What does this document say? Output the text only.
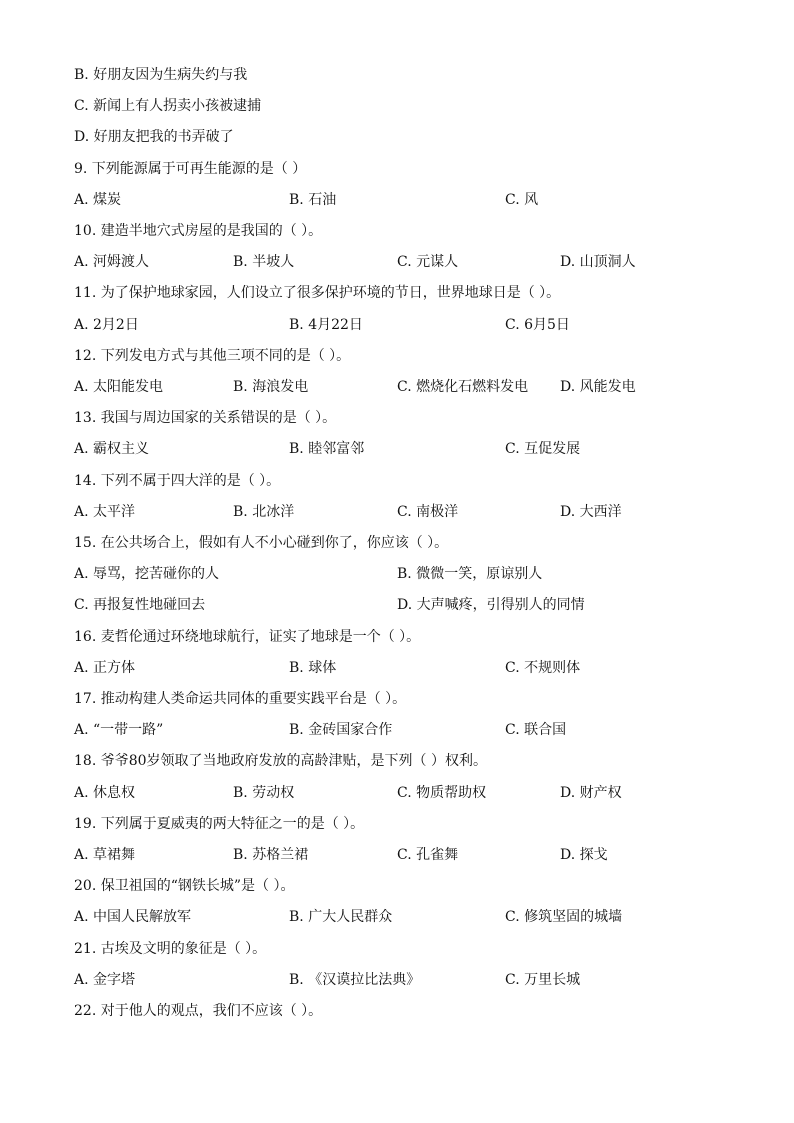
B. 好朋友因为生病失约与我
C. 新闻上有人拐卖小孩被逮捕
D. 好朋友把我的书弄破了
9. 下列能源属于可再生能源的是（ ）
A. 煤炭	B. 石油	C. 风
10. 建造半地穴式房屋的是我国的（ ）。
A. 河姆渡人	B. 半坡人	C. 元谋人	D. 山顶洞人
11. 为了保护地球家园，人们设立了很多保护环境的节日，世界地球日是（ ）。
A. 2月2日	B. 4月22日	C. 6月5日
12. 下列发电方式与其他三项不同的是（ ）。
A. 太阳能发电	B. 海浪发电	C. 燃烧化石燃料发电 D. 风能发电
13. 我国与周边国家的关系错误的是（ ）。
A. 霸权主义	B. 睦邻富邻	C. 互促发展
14. 下列不属于四大洋的是（ ）。
A. 太平洋	B. 北冰洋	C. 南极洋	D. 大西洋
15. 在公共场合上，假如有人不小心碰到你了，你应该（ ）。
A. 辱骂，挖苦碰你的人	B. 微微一笑，原谅别人
C. 再报复性地碰回去	D. 大声喊疼，引得别人的同情
16. 麦哲伦通过环绕地球航行，证实了地球是一个（ ）。
A. 正方体	B. 球体	C. 不规则体
17. 推动构建人类命运共同体的重要实践平台是（ ）。
A. “一带一路”	B. 金砖国家合作	C. 联合国
18. 爷爷80岁领取了当地政府发放的高龄津贴，是下列（ ）权利。
A. 休息权	B. 劳动权	C. 物质帮助权	D. 财产权
19. 下列属于夏威夷的两大特征之一的是（ ）。
A. 草裙舞	B. 苏格兰裙	C. 孔雀舞	D. 探戈
20. 保卫祖国的“钢铁长城”是（ ）。
A. 中国人民解放军	B. 广大人民群众	C. 修筑坚固的城墙
21. 古埃及文明的象征是（ ）。
A. 金字塔	B. 《汉谟拉比法典》	C. 万里长城
22. 对于他人的观点，我们不应该（ ）。
